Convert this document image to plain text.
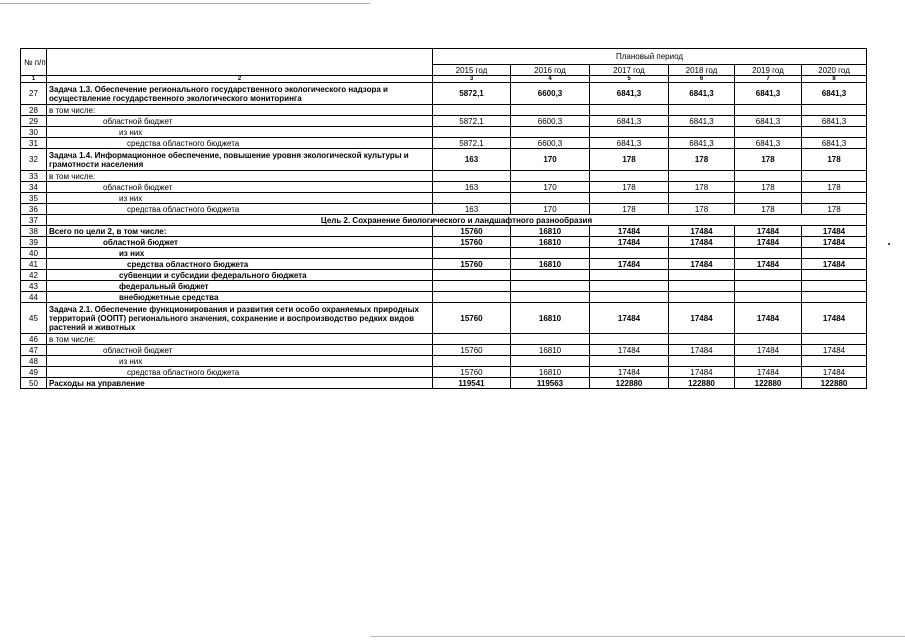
№ п/п		Плановый период					
		2015 год	2016 год	2017 год	2018 год	2019 год	2020 год
1	2	3	4	5	6	7	8
27	Задача 1.3. Обеспечение регионального государственного экологического надзора и осуществление государственного экологического мониторинга	5872,1	6600,3	6841,3	6841,3	6841,3	6841,3
28	в том числе:						
29	областной бюджет	5872,1	6600,3	6841,3	6841,3	6841,3	6841,3
30	из них						
31	средства областного бюджета	5872,1	6600,3	6841,3	6841,3	6841,3	6841,3
32	Задача 1.4. Информационное обеспечение, повышение уровня экологической культуры и грамотности населения	163	170	178	178	178	178
33	в том числе:						
34	областной бюджет	163	170	178	178	178	178
35	из них						
36	средства областного бюджета	163	170	178	178	178	178
37	Цель 2. Сохранение биологического и ландшафтного разнообразия						
38	Всего по цели 2, в том числе:	15760	16810	17484	17484	17484	17484
39	областной бюджет	15760	16810	17484	17484	17484	17484
40	из них						
41	средства областного бюджета	15760	16810	17484	17484	17484	17484
42	субвенции и субсидии федерального бюджета						
43	федеральный бюджет						
44	внебюджетные средства						
45	Задача 2.1. Обеспечение функционирования и развития сети особо охраняемых природных территорий (ООПТ) регионального значения, сохранение и воспроизводство редких видов растений и животных	15760	16810	17484	17484	17484	17484
46	в том числе:						
47	областной бюджет	15760	16810	17484	17484	17484	17484
48	из них						
49	средства областного бюджета	15760	16810	17484	17484	17484	17484
50	Расходы на управление	119541	119563	122880	122880	122880	122880
